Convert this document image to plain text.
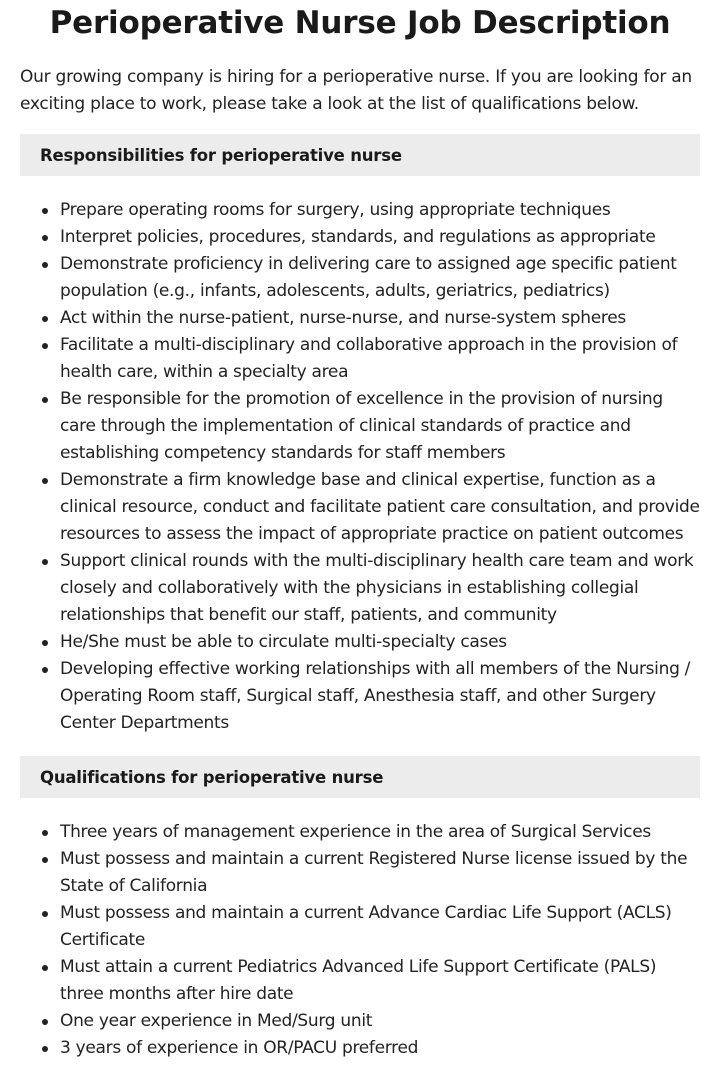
Perioperative Nurse Job Description

Our growing company is hiring for a perioperative nurse. If you are looking for an exciting place to work, please take a look at the list of qualifications below.

Responsibilities for perioperative nurse
Prepare operating rooms for surgery, using appropriate techniques
Interpret policies, procedures, standards, and regulations as appropriate
Demonstrate proficiency in delivering care to assigned age specific patient population (e.g., infants, adolescents, adults, geriatrics, pediatrics)
Act within the nurse-patient, nurse-nurse, and nurse-system spheres
Facilitate a multi-disciplinary and collaborative approach in the provision of health care, within a specialty area
Be responsible for the promotion of excellence in the provision of nursing care through the implementation of clinical standards of practice and establishing competency standards for staff members
Demonstrate a firm knowledge base and clinical expertise, function as a clinical resource, conduct and facilitate patient care consultation, and provide resources to assess the impact of appropriate practice on patient outcomes
Support clinical rounds with the multi-disciplinary health care team and work closely and collaboratively with the physicians in establishing collegial relationships that benefit our staff, patients, and community
He/She must be able to circulate multi-specialty cases
Developing effective working relationships with all members of the Nursing / Operating Room staff, Surgical staff, Anesthesia staff, and other Surgery Center Departments
Qualifications for perioperative nurse
Three years of management experience in the area of Surgical Services
Must possess and maintain a current Registered Nurse license issued by the State of California
Must possess and maintain a current Advance Cardiac Life Support (ACLS) Certificate
Must attain a current Pediatrics Advanced Life Support Certificate (PALS) three months after hire date
One year experience in Med/Surg unit
3 years of experience in OR/PACU preferred
